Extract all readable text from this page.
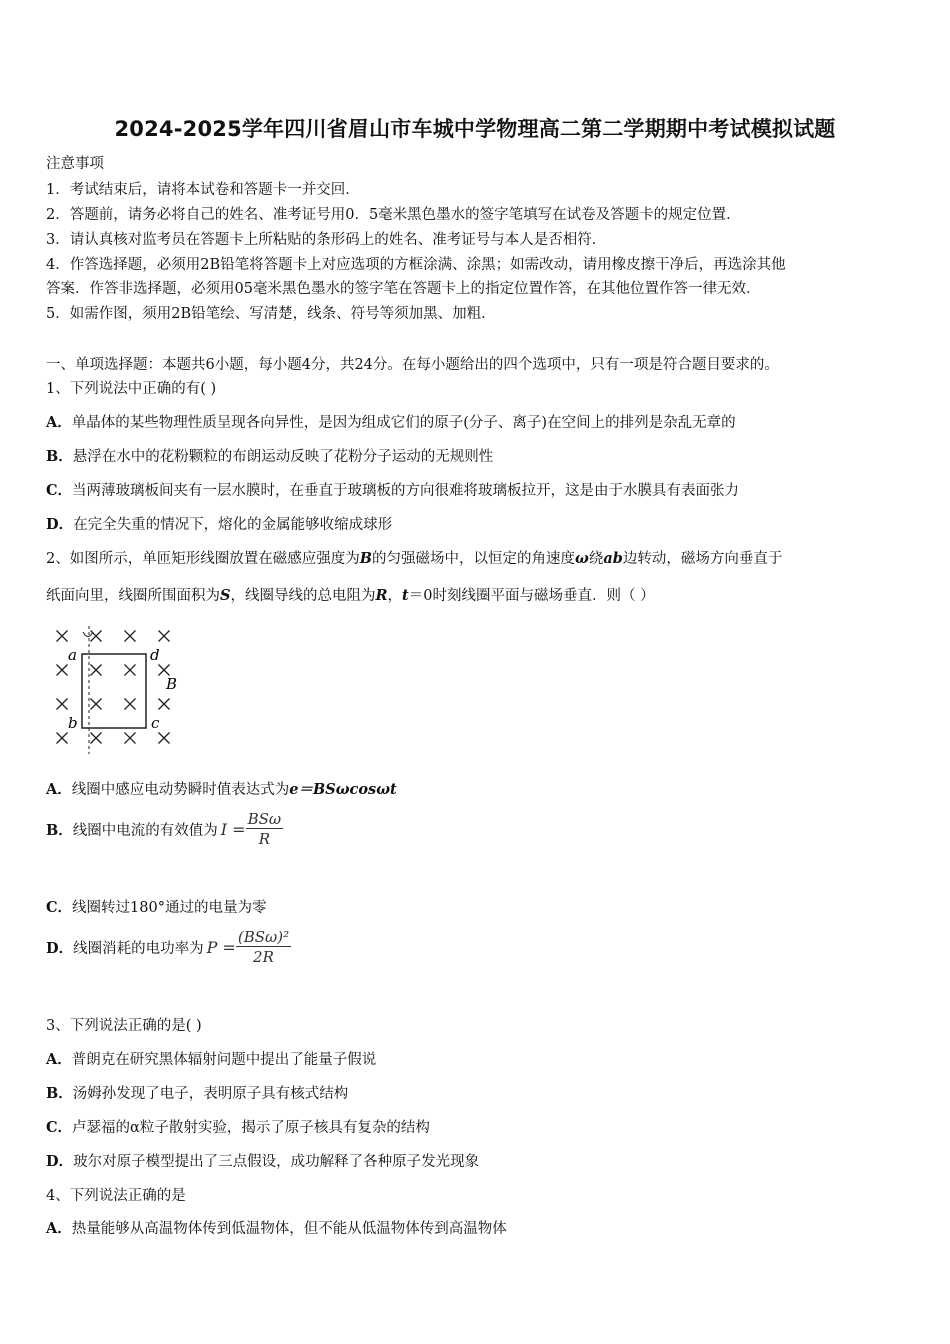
2024-2025学年四川省眉山市车城中学物理高二第二学期期中考试模拟试题
注意事项
1．考试结束后，请将本试卷和答题卡一并交回．
2．答题前，请务必将自己的姓名、准考证号用0．5毫米黑色墨水的签字笔填写在试卷及答题卡的规定位置．
3．请认真核对监考员在答题卡上所粘贴的条形码上的姓名、准考证号与本人是否相符．
4．作答选择题，必须用2B铅笔将答题卡上对应选项的方框涂满、涂黑；如需改动，请用橡皮擦干净后，再选涂其他
答案．作答非选择题，必须用05毫米黑色墨水的签字笔在答题卡上的指定位置作答，在其他位置作答一律无效．
5．如需作图，须用2B铅笔绘、写清楚，线条、符号等须加黑、加粗．
一、单项选择题：本题共6小题，每小题4分，共24分。在每小题给出的四个选项中，只有一项是符合题目要求的。
1、下列说法中正确的有( )
A．单晶体的某些物理性质呈现各向异性，是因为组成它们的原子(分子、离子)在空间上的排列是杂乱无章的
B．悬浮在水中的花粉颗粒的布朗运动反映了花粉分子运动的无规则性
C．当两薄玻璃板间夹有一层水膜时，在垂直于玻璃板的方向很难将玻璃板拉开，这是由于水膜具有表面张力
D．在完全失重的情况下，熔化的金属能够收缩成球形
2、如图所示，单匝矩形线圈放置在磁感应强度为B的匀强磁场中，以恒定的角速度ω绕ab边转动，磁场方向垂直于
纸面向里，线圈所围面积为S，线圈导线的总电阻为R，t＝0时刻线圈平面与磁场垂直．则（ ）
a	d
b	c
B
A．线圈中感应电动势瞬时值表达式为e＝BSωcosωt
B．线圈中电流的有效值为 $I = \frac{\text{BSω}}{R}$
C．线圈转过180°通过的电量为零
D．线圈消耗的电功率为 $P = \frac{\text{(BSω)²}}{2R}$
3、下列说法正确的是( )
A．普朗克在研究黑体辐射问题中提出了能量子假说
B．汤姆孙发现了电子，表明原子具有核式结构
C．卢瑟福的α粒子散射实验，揭示了原子核具有复杂的结构
D．玻尔对原子模型提出了三点假设，成功解释了各种原子发光现象
4、下列说法正确的是
A．热量能够从高温物体传到低温物体，但不能从低温物体传到高温物体
